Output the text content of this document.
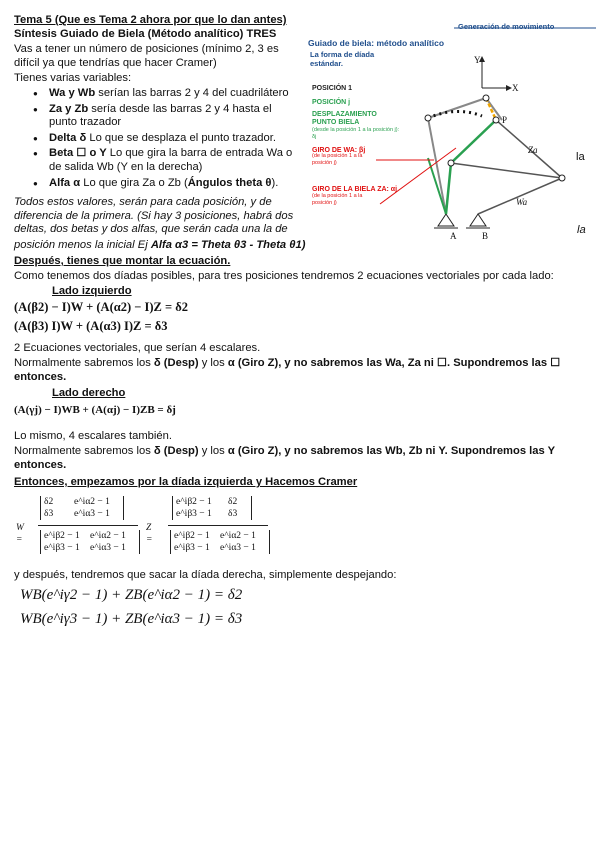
Tema 5 (Que es Tema 2 ahora por que lo dan antes)
Síntesis Guiado de Biela (Método analítico) TRES
Vas a tener un número de posiciones (mínimo 2, 3 es difícil ya que tendrías que hacer Cramer)
Tienes varias variables:
● Wa y Wb serían las barras 2 y 4 del cuadrilátero
● Za y Zb sería desde las barras 2 y 4 hasta el punto trazador
● Delta δ Lo que se desplaza el punto trazador.
● Beta ☐ o Y Lo que gira la barra de entrada Wa o
de salida Wb (Y en la derecha)
● Alfa α Lo que gira Za o Zb (Ángulos theta θ).
la
Todos estos valores, serán para cada posición, y de diferencia de la primera. (Si hay 3 posiciones, habrá dos deltas, dos betas y dos alfas, que serán cada una la de	la
posición menos la inicial Ej Alfa α3 = Theta θ3 - Theta θ1)
Generación de movimiento
Guiado de biela: método analítico
La forma de díada estándar.
POSICIÓN 1
POSICIÓN j
DESPLAZAMIENTO PUNTO BIELA
(desde la posición 1 a la posición j): δj
GIRO DE WA: βj
(de la posición 1 a la posición j)
GIRO DE LA BIELA ZA: αj
(de la posición 1 a la posición j)
Za
Wa
Y
X
A	B
P
Después, tienes que montar la ecuación.
Como tenemos dos díadas posibles, para tres posiciones tendremos 2 ecuaciones vectoriales por cada lado:
Lado izquierdo
(A(β2) − I)W + (A(α2) − I)Z = δ2
(A(β3) I)W + (A(α3) I)Z = δ3
2 Ecuaciones vectoriales, que serían 4 escalares.
Normalmente sabremos los δ (Desp) y los α (Giro Z), y no sabremos las Wa, Za ni ☐. Supondremos las ☐ entonces.
Lado derecho
(A(γj) − I)WB + (A(αj) − I)ZB = δj
Lo mismo, 4 escalares también.
Normalmente sabremos los δ (Desp) y los α (Giro Z), y no sabremos las Wb, Zb ni Y. Supondremos las Y entonces.
Entonces, empezamos por la díada izquierda y Hacemos Cramer
W =
δ2 e^iα2 − 1
δ3 e^iα3 − 1
e^iβ2 − 1 e^iα2 − 1
e^iβ3 − 1 e^iα3 − 1
Z =
e^iβ2 − 1 δ2
e^iβ3 − 1 δ3
e^iβ2 − 1 e^iα2 − 1
e^iβ3 − 1 e^iα3 − 1
y después, tendremos que sacar la díada derecha, simplemente despejando:
WB(e^iγ2 − 1) + ZB(e^iα2 − 1) = δ2
WB(e^iγ3 − 1) + ZB(e^iα3 − 1) = δ3
